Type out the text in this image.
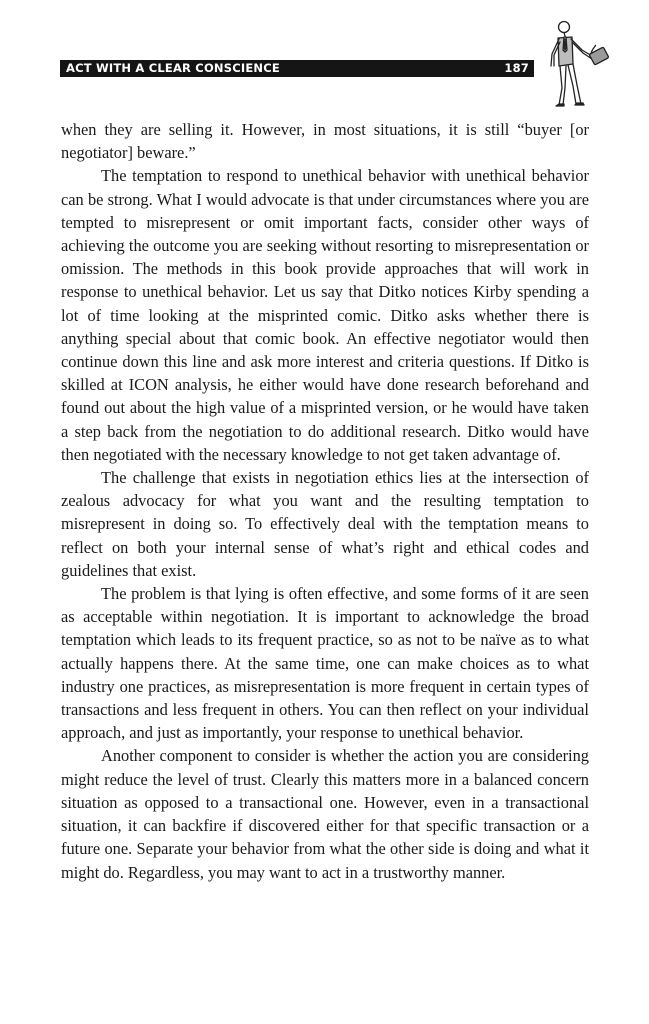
ACT WITH A CLEAR CONSCIENCE	187

when they are selling it. However, in most situations, it is still “buyer [or negotiator] beware.”

The temptation to respond to unethical behavior with unethical behavior can be strong. What I would advocate is that under circumstances where you are tempted to misrepresent or omit important facts, consider other ways of achieving the outcome you are seeking without resorting to misrepresentation or omission. The methods in this book provide approaches that will work in response to unethical behavior. Let us say that Ditko notices Kirby spending a lot of time looking at the misprinted comic. Ditko asks whether there is anything special about that comic book. An effective negotiator would then continue down this line and ask more interest and criteria questions. If Ditko is skilled at ICON analysis, he either would have done research beforehand and found out about the high value of a misprinted version, or he would have taken a step back from the negotiation to do additional research. Ditko would have then negotiated with the necessary knowledge to not get taken advantage of.

The challenge that exists in negotiation ethics lies at the intersection of zealous advocacy for what you want and the resulting temptation to misrepresent in doing so. To effectively deal with the temptation means to reflect on both your internal sense of what’s right and ethical codes and guidelines that exist.

The problem is that lying is often effective, and some forms of it are seen as acceptable within negotiation. It is important to acknowledge the broad temptation which leads to its frequent practice, so as not to be naïve as to what actually happens there. At the same time, one can make choices as to what industry one practices, as misrepresentation is more frequent in certain types of transactions and less frequent in others. You can then reflect on your individual approach, and just as importantly, your response to unethical behavior.

Another component to consider is whether the action you are considering might reduce the level of trust. Clearly this matters more in a balanced concern situation as opposed to a transactional one. However, even in a transactional situation, it can backfire if discovered either for that specific transaction or a future one. Separate your behavior from what the other side is doing and what it might do. Regardless, you may want to act in a trustworthy manner.
